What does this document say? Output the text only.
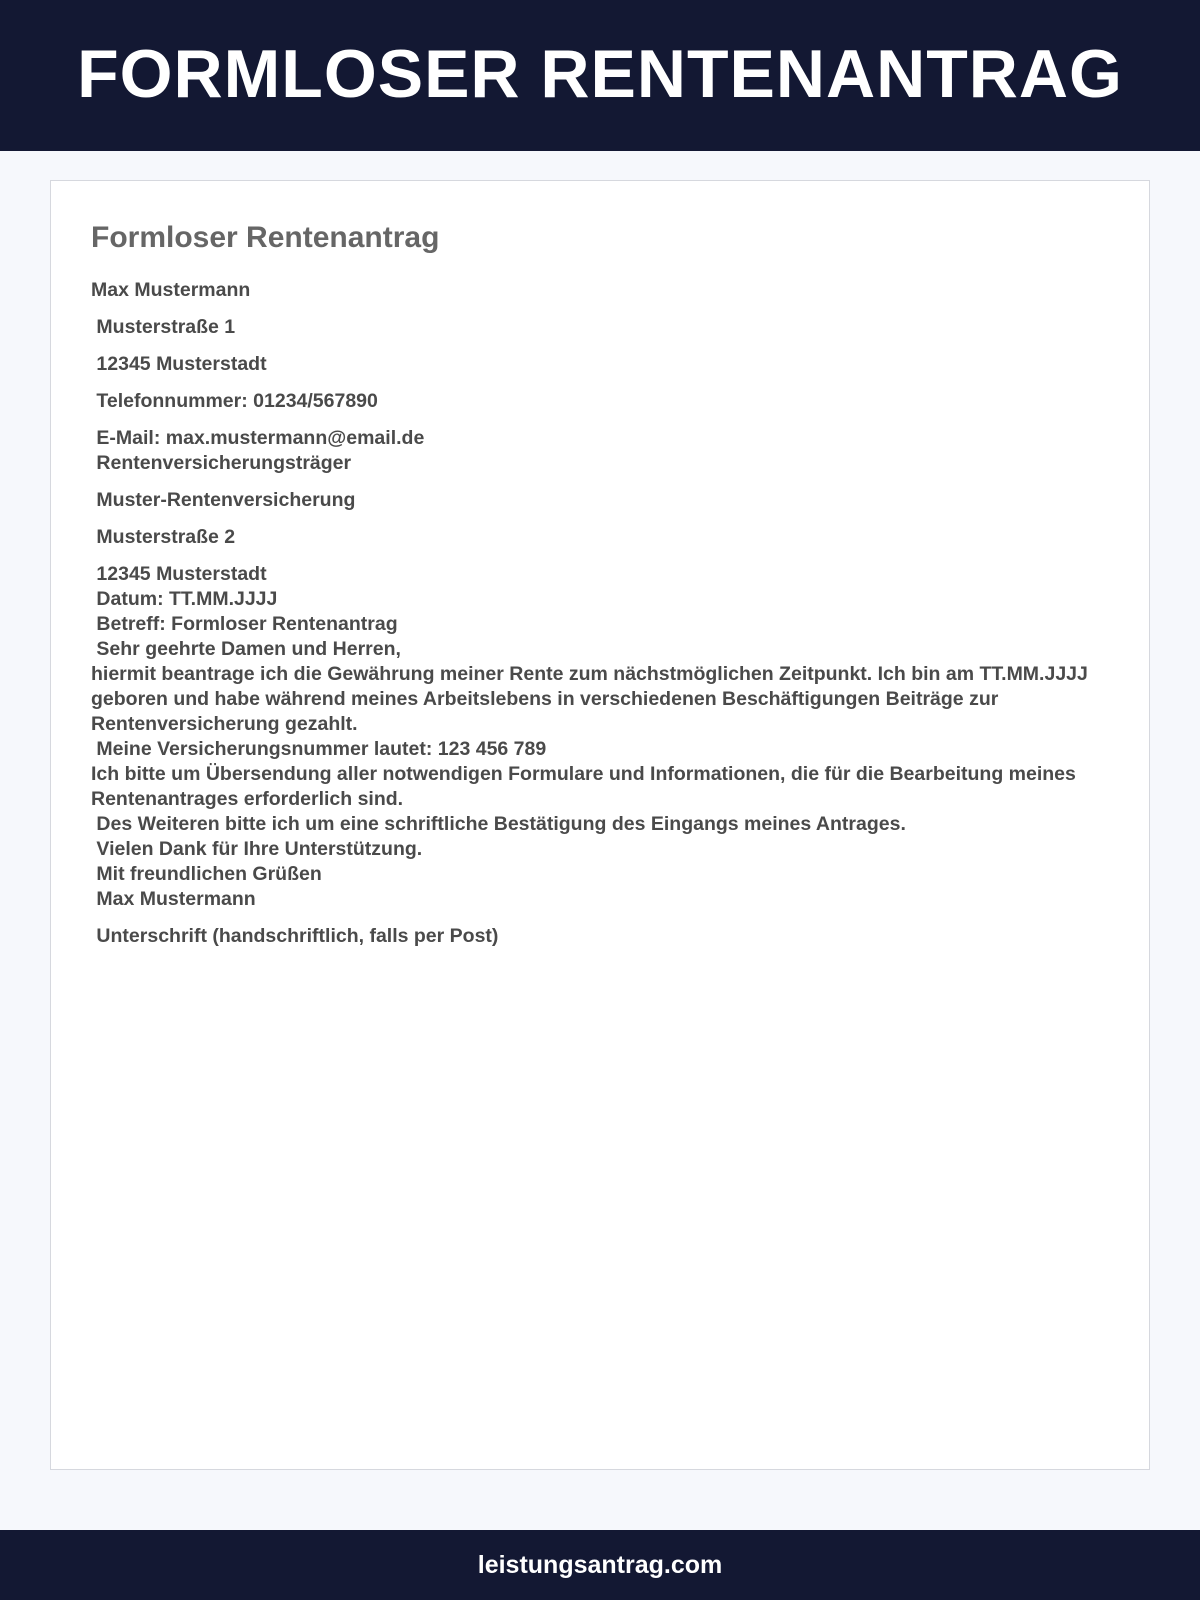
FORMLOSER RENTENANTRAG
Formloser Rentenantrag

Max Mustermann

Musterstraße 1

12345 Musterstadt

Telefonnummer: 01234/567890

E-Mail: max.mustermann@email.de

Rentenversicherungsträger

Muster-Rentenversicherung

Musterstraße 2

12345 Musterstadt

Datum: TT.MM.JJJJ

Betreff: Formloser Rentenantrag

Sehr geehrte Damen und Herren,

hiermit beantrage ich die Gewährung meiner Rente zum nächstmöglichen Zeitpunkt. Ich bin am TT.MM.JJJJ geboren und habe während meines Arbeitslebens in verschiedenen Beschäftigungen Beiträge zur Rentenversicherung gezahlt.

Meine Versicherungsnummer lautet: 123 456 789

Ich bitte um Übersendung aller notwendigen Formulare und Informationen, die für die Bearbeitung meines Rentenantrages erforderlich sind.

Des Weiteren bitte ich um eine schriftliche Bestätigung des Eingangs meines Antrages.

Vielen Dank für Ihre Unterstützung.

Mit freundlichen Grüßen

Max Mustermann

Unterschrift (handschriftlich, falls per Post)

leistungsantrag.com
